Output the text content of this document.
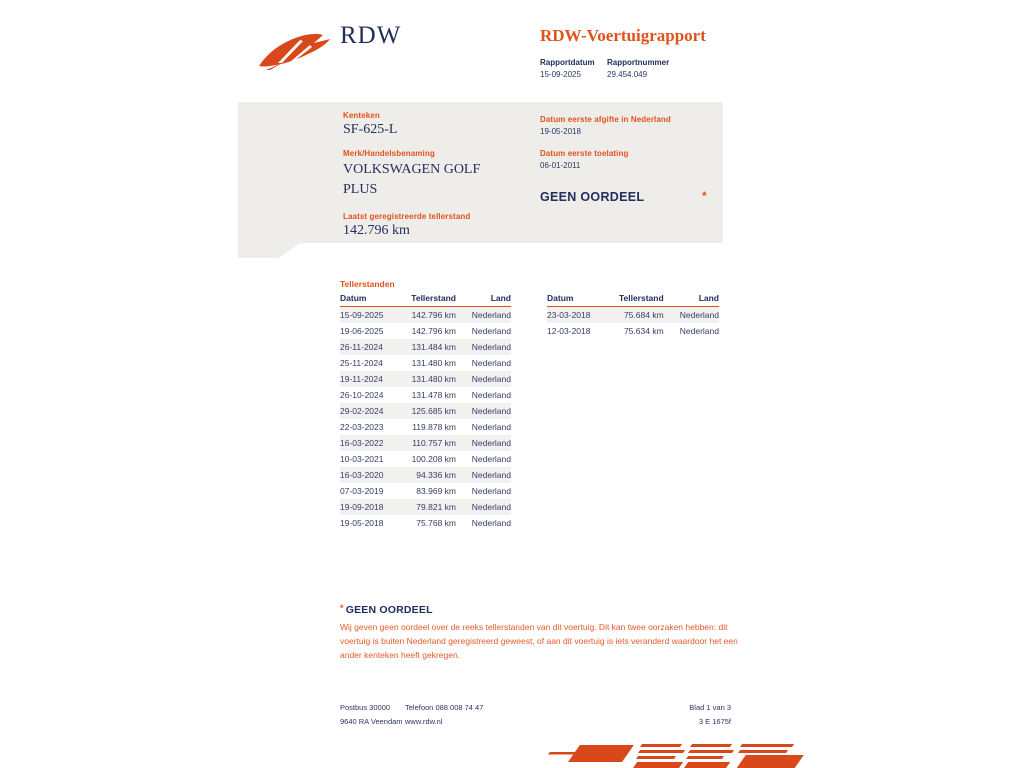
RDW	RDW-Voertuigrapport
Rapportdatum Rapportnummer
15-09-2025	29.454.049
Kenteken
SF-625-L
Merk/Handelsbenaming
VOLKSWAGEN GOLF PLUS
Laatst geregistreerde tellerstand
142.796 km
Datum eerste afgifte in Nederland
19-05-2018
Datum eerste toelating
06-01-2011
GEEN OORDEEL	*
Tellerstanden
Datum	Tellerstand	Land
15-09-2025	142.796 km	Nederland
19-06-2025	142.796 km	Nederland
26-11-2024	131.484 km	Nederland
25-11-2024	131.480 km	Nederland
19-11-2024	131.480 km	Nederland
26-10-2024	131.478 km	Nederland
29-02-2024	125.685 km	Nederland
22-03-2023	119.878 km	Nederland
16-03-2022	110.757 km	Nederland
10-03-2021	100.208 km	Nederland
16-03-2020	94.336 km	Nederland
07-03-2019	83.969 km	Nederland
19-09-2018	79.821 km	Nederland
19-05-2018	75.768 km	Nederland
Datum	Tellerstand	Land
23-03-2018	75.684 km	Nederland
12-03-2018	75.634 km	Nederland
* GEEN OORDEEL
Wij geven geen oordeel over de reeks tellerstanden van dit voertuig. Dit kan twee oorzaken hebben: dit voertuig is buiten Nederland geregistreerd geweest, of aan dit voertuig is iets veranderd waardoor het een ander kenteken heeft gekregen.
Postbus 30000
9640 RA Veendam
Telefoon 088 008 74 47
www.rdw.nl
Blad 1 van 3
3 E 1675f
